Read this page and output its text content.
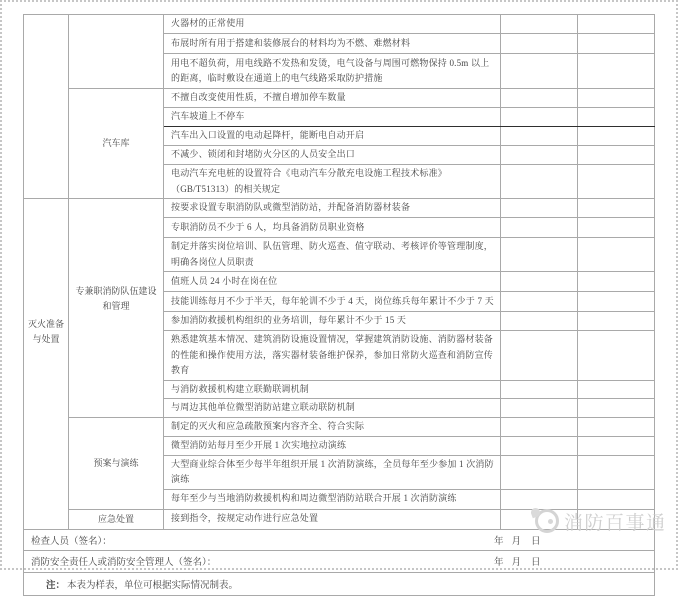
		火器材的正常使用		
		布展时所有用于搭建和装修展台的材料均为不燃、难燃材料		
		用电不超负荷，用电线路不发热和发烫，电气设备与周围可燃物保持 0.5m 以上的距离，临时敷设在通道上的电气线路采取防护措施		
	汽车库	不擅自改变使用性质，不擅自增加停车数量		
		汽车坡道上不停车		
		汽车出入口设置的电动起降杆，能断电自动开启		
		不减少、锁闭和封堵防火分区的人员安全出口		
		电动汽车充电桩的设置符合《电动汽车分散充电设施工程技术标准》（GB/T51313）的相关规定		
灭火准备与处置	专兼职消防队伍建设和管理	按要求设置专职消防队或微型消防站，并配备消防器材装备		
		专职消防员不少于 6 人，均具备消防员职业资格		
		制定并落实岗位培训、队伍管理、防火巡查、值守联动、考核评价等管理制度，明确各岗位人员职责		
		值班人员 24 小时在岗在位		
		技能训练每月不少于半天，每年轮训不少于 4 天，岗位练兵每年累计不少于 7 天		
		参加消防救援机构组织的业务培训，每年累计不少于 15 天		
		熟悉建筑基本情况、建筑消防设施设置情况，掌握建筑消防设施、消防器材装备的性能和操作使用方法，落实器材装备维护保养，参加日常防火巡查和消防宣传教育		
		与消防救援机构建立联勤联调机制		
		与周边其他单位微型消防站建立联动联防机制		
	预案与演练	制定的灭火和应急疏散预案内容齐全、符合实际		
		微型消防站每月至少开展 1 次实地拉动演练		
		大型商业综合体至少每半年组织开展 1 次消防演练，全员每年至少参加 1 次消防演练		
		每年至少与当地消防救援机构和周边微型消防站联合开展 1 次消防演练		
	应急处置	接到指令，按规定动作进行应急处置		
检查人员（签名）： 年 月 日				

消防安全责任人或消防安全管理人（签名）： 年 月 日				

注： 本表为样表，单位可根据实际情况制表。				
消防百事通
